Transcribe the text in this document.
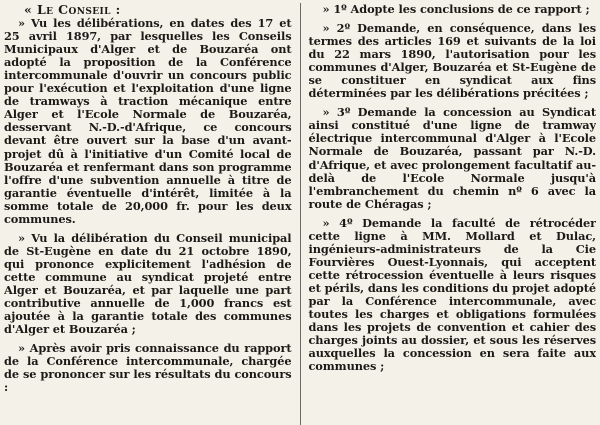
« Le Conseil :

» Vu les délibérations, en dates des 17 et 25 avril 1897, par lesquelles les Conseils Municipaux d'Alger et de Bouzaréa ont adopté la proposition de la Conférence intercommunale d'ouvrir un concours public pour l'exécution et l'exploitation d'une ligne de tramways à traction mécanique entre Alger et l'Ecole Normale de Bouzaréa, desservant N.-D.-d'Afrique, ce concours devant être ouvert sur la base d'un avant-projet dû à l'initiative d'un Comité local de Bouzaréa et renfermant dans son programme l'offre d'une subvention annuelle à titre de garantie éventuelle d'intérêt, limitée à la somme totale de 20,000 fr. pour les deux communes.

» Vu la délibération du Conseil municipal de St-Eugène en date du 21 octobre 1890, qui prononce explicitement l'adhésion de cette commune au syndicat projeté entre Alger et Bouzaréa, et par laquelle une part contributive annuelle de 1,000 francs est ajoutée à la garantie totale des communes d'Alger et Bouzaréa ;

» Après avoir pris connaissance du rapport de la Conférence intercommunale, chargée de se prononcer sur les résultats du concours :

» 1º Adopte les conclusions de ce rapport ;

» 2º Demande, en conséquence, dans les termes des articles 169 et suivants de la loi du 22 mars 1890, l'autorisation pour les communes d'Alger, Bouzaréa et St-Eugène de se constituer en syndicat aux fins déterminées par les délibérations précitées ;

» 3º Demande la concession au Syndicat ainsi constitué d'une ligne de tramway électrique intercommunal d'Alger à l'Ecole Normale de Bouzaréa, passant par N.-D. d'Afrique, et avec prolongement facultatif au-delà de l'Ecole Normale jusqu'à l'embranchement du chemin nº 6 avec la route de Chéragas ;

» 4º Demande la faculté de rétrocéder cette ligne à MM. Mollard et Dulac, ingénieurs-administrateurs de la Cie Fourvières Ouest-Lyonnais, qui acceptent cette rétrocession éventuelle à leurs risques et périls, dans les conditions du projet adopté par la Conférence intercommunale, avec toutes les charges et obligations formulées dans les projets de convention et cahier des charges joints au dossier, et sous les réserves auxquelles la concession en sera faite aux communes ;
